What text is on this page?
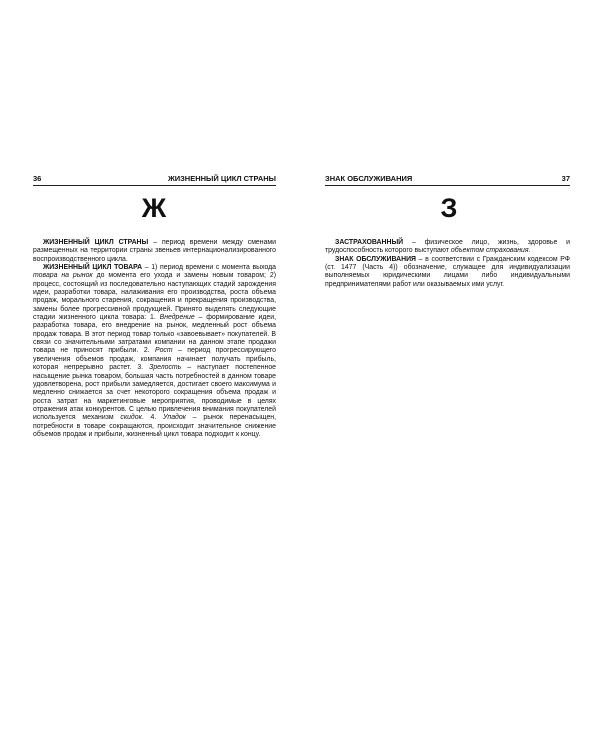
36	ЖИЗНЕННЫЙ ЦИКЛ СТРАНЫ
Ж

ЖИЗНЕННЫЙ ЦИКЛ СТРАНЫ – период времени между сменами размещенных на территории страны звеньев интернационализированного воспроизводственного цикла.

ЖИЗНЕННЫЙ ЦИКЛ ТОВАРА – 1) период времени с момента выхода товара на рынок до момента его ухода и замены новым товаром; 2) процесс, состоящий из последовательно наступающих стадий зарождения идеи, разработки товара, налаживания его производства, роста объема продаж, морального старения, сокращения и прекращения производства, замены более прогрессивной продукцией. Принято выделять следующие стадии жизненного цикла товара: 1. Внедрение – формирование идеи, разработка товара, его внедрение на рынок, медленный рост объема продаж товара. В этот период товар только «завоевывает» покупателей. В связи со значительными затратами компании на данном этапе продажи товара не приносят прибыли. 2. Рост – период прогрессирующего увеличения объемов продаж, компания начинает получать прибыль, которая непрерывно растет. 3. Зрелость – наступает постепенное насыщение рынка товаром, большая часть потребностей в данном товаре удовлетворена, рост прибыли замедляется, достигает своего максимума и медленно снижается за счет некоторого сокращения объема продаж и роста затрат на маркетинговые мероприятия, проводимые в целях отражения атак конкурентов. С целью привлечения внимания покупателей используется механизм скидок. 4. Упадок – рынок перенасыщен, потребности в товаре сокращаются, происходит значительное снижение объемов продаж и прибыли, жизненный цикл товара подходит к концу.

ЗНАК ОБСЛУЖИВАНИЯ	37
З

ЗАСТРАХОВАННЫЙ – физическое лицо, жизнь, здоровье и трудоспособность которого выступают объектом страхования.

ЗНАК ОБСЛУЖИВАНИЯ – в соответствии с Гражданским кодексом РФ (ст. 1477 (Часть 4)) обозначение, служащее для индивидуализации выполняемых юридическими лицами либо индивидуальными предпринимателями работ или оказываемых ими услуг.
